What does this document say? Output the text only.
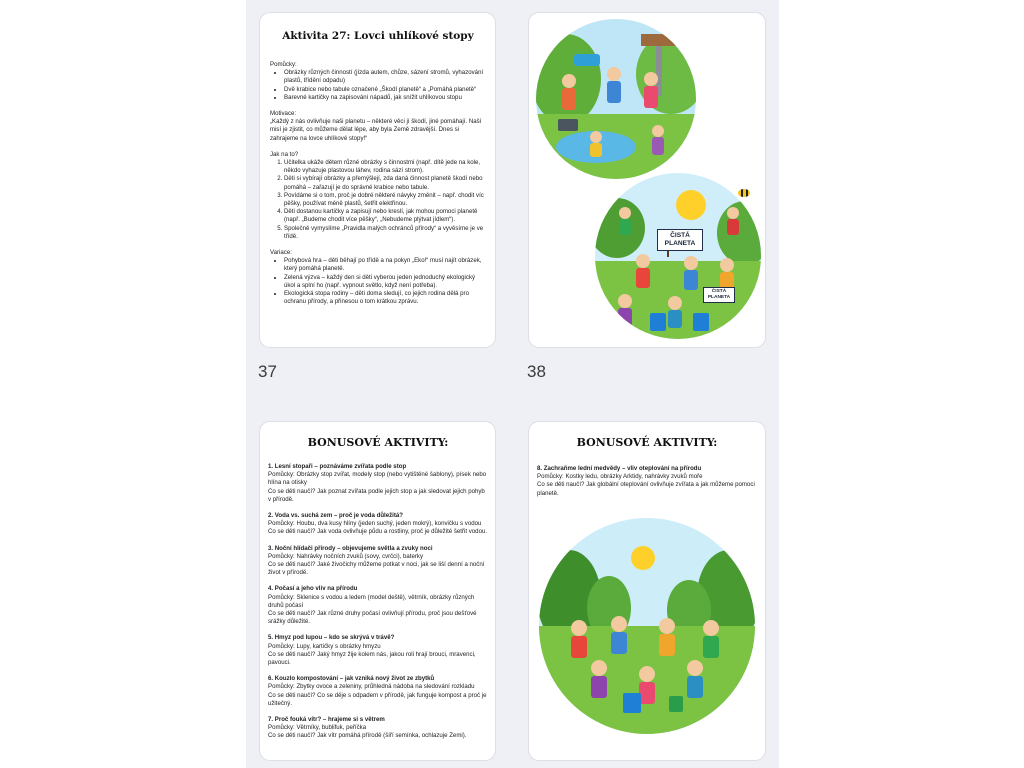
Aktivita 27: Lovci uhlíkové stopy

Pomůcky:

• Obrázky různých činností (jízda autem, chůze, sázení stromů, vyhazování plastů, třídění odpadu)
• Dvě krabice nebo tabule označené „Škodí planetě“ a „Pomáhá planetě“
• Barevné kartičky na zapisování nápadů, jak snížit uhlíkovou stopu

Motivace:

„Každý z nás ovlivňuje naši planetu – některé věci jí škodí, jiné pomáhají. Naší misí je zjistit, co můžeme dělat lépe, aby byla Země zdravější. Dnes si zahrajeme na lovce uhlíkové stopy!“

Jak na to?

1. Učitelka ukáže dětem různé obrázky s činnostmi (např. dítě jede na kole, někdo vyhazuje plastovou láhev, rodina sází strom).
2. Děti si vybírají obrázky a přemýšlejí, zda daná činnost planetě škodí nebo pomáhá – zařazují je do správné krabice nebo tabule.
3. Povídáme si o tom, proč je dobré některé návyky změnit – např. chodit víc pěšky, používat méně plastů, šetřit elektřinou.
4. Děti dostanou kartičky a zapisují nebo kreslí, jak mohou pomoci planetě (např. „Budeme chodit více pěšky“, „Nebudeme plýtvat jídlem“).
5. Společně vymyslíme „Pravidla malých ochránců přírody“ a vyvěsíme je ve třídě.

Variace:

• Pohybová hra – děti běhají po třídě a na pokyn „Eko!“ musí najít obrázek, který pomáhá planetě.
• Zelená výzva – každý den si děti vyberou jeden jednoduchý ekologický úkol a splní ho (např. vypnout světlo, když není potřeba).
• Ekologická stopa rodiny – děti doma sledují, co jejich rodina dělá pro ochranu přírody, a přinesou o tom krátkou zprávu.
ČISTÁ PLANETA
ČISTÁ PLANETA
37	38
BONUSOVÉ AKTIVITY:

1. Lesní stopaři – poznáváme zvířata podle stop

Pomůcky: Obrázky stop zvířat, modely stop (nebo vytištěné šablony), písek nebo hlína na otisky

Co se děti naučí? Jak poznat zvířata podle jejich stop a jak sledovat jejich pohyb v přírodě.

2. Voda vs. suchá zem – proč je voda důležitá?

Pomůcky: Houbu, dva kusy hlíny (jeden suchý, jeden mokrý), konvičku s vodou

Co se děti naučí? Jak voda ovlivňuje půdu a rostliny, proč je důležité šetřit vodou.

3. Noční hlídači přírody – objevujeme světla a zvuky noci

Pomůcky: Nahrávky nočních zvuků (sovy, cvrčci), baterky

Co se děti naučí? Jaké živočichy můžeme potkat v noci, jak se liší denní a noční život v přírodě.

4. Počasí a jeho vliv na přírodu

Pomůcky: Sklenice s vodou a ledem (model deště), větrník, obrázky různých druhů počasí

Co se děti naučí? Jak různé druhy počasí ovlivňují přírodu, proč jsou dešťové srážky důležité.

5. Hmyz pod lupou – kdo se skrývá v trávě?

Pomůcky: Lupy, kartičky s obrázky hmyzu

Co se děti naučí? Jaký hmyz žije kolem nás, jakou roli hrají brouci, mravenci, pavouci.

6. Kouzlo kompostování – jak vzniká nový život ze zbytků

Pomůcky: Zbytky ovoce a zeleniny, průhledná nádoba na sledování rozkladu

Co se děti naučí? Co se děje s odpadem v přírodě, jak funguje kompost a proč je užitečný.

7. Proč fouká vítr? – hrajeme si s větrem

Pomůcky: Větrníky, bublifuk, peříčka

Co se děti naučí? Jak vítr pomáhá přírodě (šíří semínka, ochlazuje Zemi).

BONUSOVÉ AKTIVITY:

8. Zachraňme lední medvědy – vliv oteplování na přírodu

Pomůcky: Kostky ledu, obrázky Arktidy, nahrávky zvuků moře

Co se děti naučí? Jak globální oteplování ovlivňuje zvířata a jak můžeme pomoci planetě.
